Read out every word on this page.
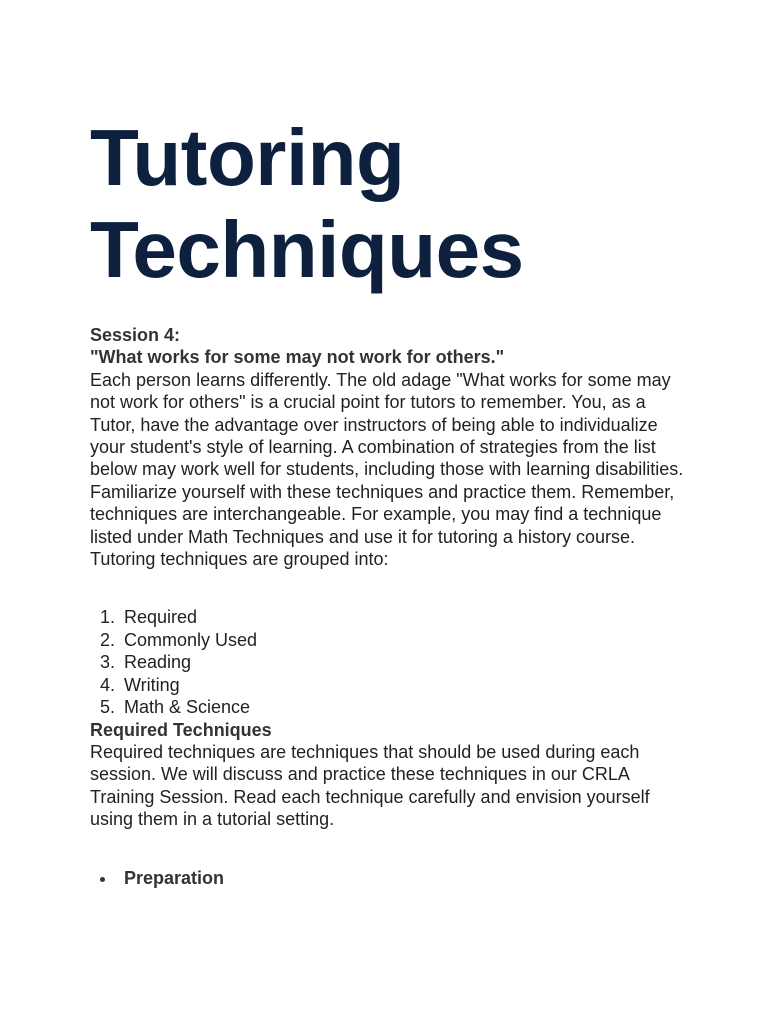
Tutoring
Techniques
Session 4:
"What works for some may not work for others."

Each person learns differently. The old adage "What works for some may not work for others" is a crucial point for tutors to remember. You, as a Tutor, have the advantage over instructors of being able to individualize your student's style of learning. A combination of strategies from the list below may work well for students, including those with learning disabilities. Familiarize yourself with these techniques and practice them. Remember, techniques are interchangeable. For example, you may find a technique listed under Math Techniques and use it for tutoring a history course. Tutoring techniques are grouped into:

1. Required
2. Commonly Used
3. Reading
4. Writing
5. Math & Science
Required Techniques

Required techniques are techniques that should be used during each session. We will discuss and practice these techniques in our CRLA Training Session. Read each technique carefully and envision yourself using them in a tutorial setting.

Preparation
